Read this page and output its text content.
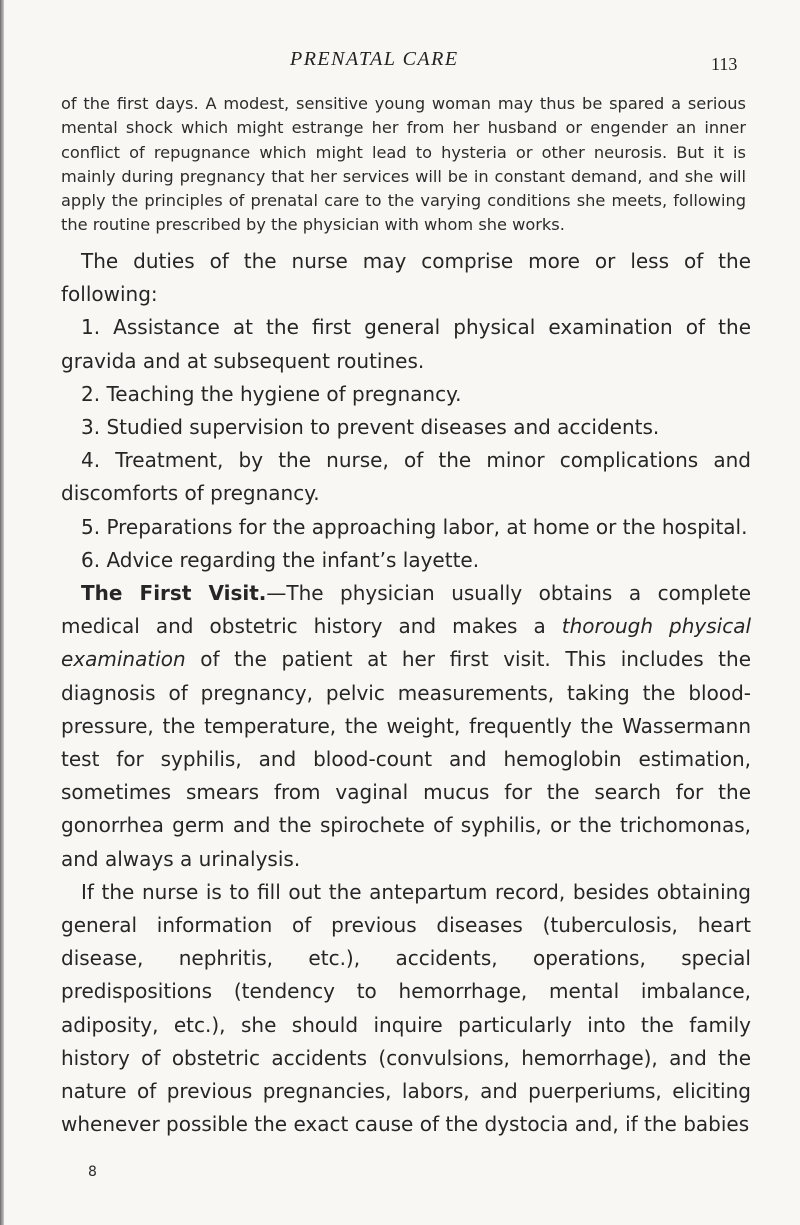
PRENATAL CARE	113
of the first days. A modest, sensitive young woman may thus be spared a serious mental shock which might estrange her from her husband or engender an inner conflict of repugnance which might lead to hysteria or other neurosis. But it is mainly during pregnancy that her services will be in constant demand, and she will apply the principles of prenatal care to the varying conditions she meets, following the routine prescribed by the physician with whom she works.

The duties of the nurse may comprise more or less of the following:

1. Assistance at the first general physical examination of the gravida and at subsequent routines.

2. Teaching the hygiene of pregnancy.

3. Studied supervision to prevent diseases and accidents.

4. Treatment, by the nurse, of the minor complications and discomforts of pregnancy.

5. Preparations for the approaching labor, at home or the hospital.

6. Advice regarding the infant’s layette.

The First Visit.—The physician usually obtains a complete medical and obstetric history and makes a thorough physical examination of the patient at her first visit. This includes the diagnosis of pregnancy, pelvic measurements, taking the blood-pressure, the temperature, the weight, frequently the Wassermann test for syphilis, and blood-count and hemoglobin estimation, sometimes smears from vaginal mucus for the search for the gonorrhea germ and the spirochete of syphilis, or the trichomonas, and always a urinalysis.

If the nurse is to fill out the antepartum record, besides obtaining general information of previous diseases (tuberculosis, heart disease, nephritis, etc.), accidents, operations, special predispositions (tendency to hemorrhage, mental imbalance, adiposity, etc.), she should inquire particularly into the family history of obstetric accidents (convulsions, hemorrhage), and the nature of previous pregnancies, labors, and puerperiums, eliciting whenever possible the exact cause of the dystocia and, if the babies

8
